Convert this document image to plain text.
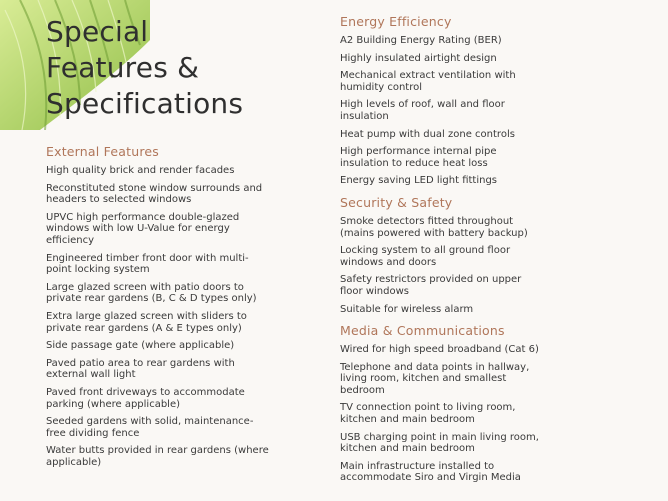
Special
Features &
Specifications
External Features
High quality brick and render facades
Reconstituted stone window surrounds and headers to selected windows
UPVC high performance double-glazed windows with low U-Value for energy efficiency
Engineered timber front door with multi-point locking system
Large glazed screen with patio doors to private rear gardens (B, C & D types only)
Extra large glazed screen with sliders to private rear gardens (A & E types only)
Side passage gate (where applicable)
Paved patio area to rear gardens with external wall light
Paved front driveways to accommodate parking (where applicable)
Seeded gardens with solid, maintenance-free dividing fence
Water butts provided in rear gardens (where applicable)
Energy Efficiency
A2 Building Energy Rating (BER)
Highly insulated airtight design
Mechanical extract ventilation with humidity control
High levels of roof, wall and floor insulation
Heat pump with dual zone controls
High performance internal pipe insulation to reduce heat loss
Energy saving LED light fittings
Security & Safety
Smoke detectors fitted throughout (mains powered with battery backup)
Locking system to all ground floor windows and doors
Safety restrictors provided on upper floor windows
Suitable for wireless alarm
Media & Communications
Wired for high speed broadband (Cat 6)
Telephone and data points in hallway, living room, kitchen and smallest bedroom
TV connection point to living room, kitchen and main bedroom
USB charging point in main living room, kitchen and main bedroom
Main infrastructure installed to accommodate Siro and Virgin Media
